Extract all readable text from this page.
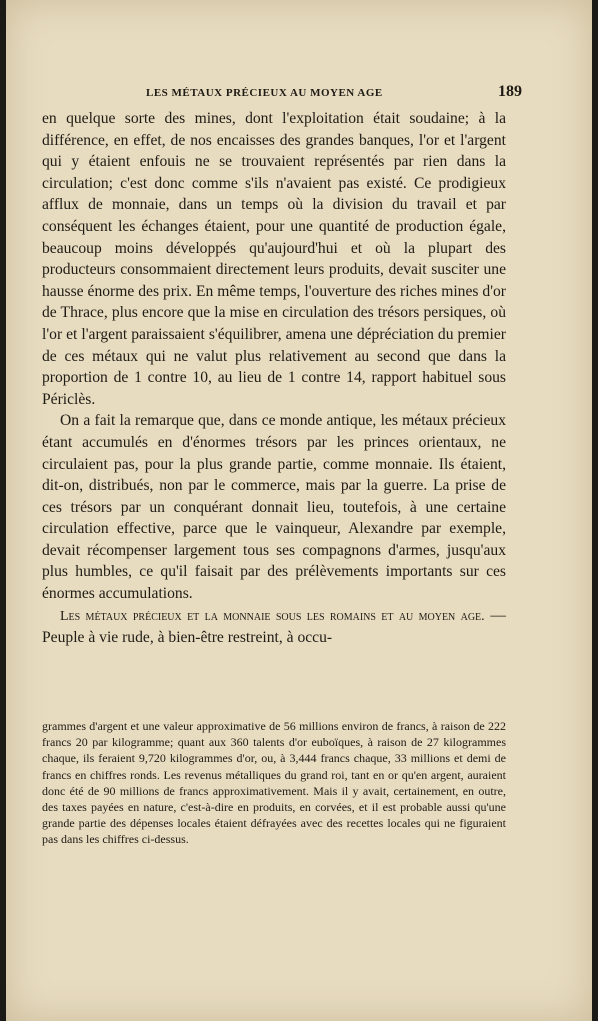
LES MÉTAUX PRÉCIEUX AU MOYEN AGE	189

en quelque sorte des mines, dont l'exploitation était soudaine; à la différence, en effet, de nos encaisses des grandes banques, l'or et l'argent qui y étaient enfouis ne se trouvaient représentés par rien dans la circulation; c'est donc comme s'ils n'avaient pas existé. Ce prodigieux afflux de monnaie, dans un temps où la division du travail et par conséquent les échanges étaient, pour une quantité de production égale, beaucoup moins développés qu'aujourd'hui et où la plupart des producteurs consommaient directement leurs produits, devait susciter une hausse énorme des prix. En même temps, l'ouverture des riches mines d'or de Thrace, plus encore que la mise en circulation des trésors persiques, où l'or et l'argent paraissaient s'équilibrer, amena une dépréciation du premier de ces métaux qui ne valut plus relativement au second que dans la proportion de 1 contre 10, au lieu de 1 contre 14, rapport habituel sous Périclès.

On a fait la remarque que, dans ce monde antique, les métaux précieux étant accumulés en d'énormes trésors par les princes orientaux, ne circulaient pas, pour la plus grande partie, comme monnaie. Ils étaient, dit-on, distribués, non par le commerce, mais par la guerre. La prise de ces trésors par un conquérant donnait lieu, toutefois, à une certaine circulation effective, parce que le vainqueur, Alexandre par exemple, devait récompenser largement tous ses compagnons d'armes, jusqu'aux plus humbles, ce qu'il faisait par des prélèvements importants sur ces énormes accumulations.

Les métaux précieux et la monnaie sous les romains et au moyen age. — Peuple à vie rude, à bien-être restreint, à occu-

grammes d'argent et une valeur approximative de 56 millions environ de francs, à raison de 222 francs 20 par kilogramme; quant aux 360 talents d'or euboïques, à raison de 27 kilogrammes chaque, ils feraient 9,720 kilogrammes d'or, ou, à 3,444 francs chaque, 33 millions et demi de francs en chiffres ronds. Les revenus métalliques du grand roi, tant en or qu'en argent, auraient donc été de 90 millions de francs approximativement. Mais il y avait, certainement, en outre, des taxes payées en nature, c'est-à-dire en produits, en corvées, et il est probable aussi qu'une grande partie des dépenses locales étaient défrayées avec des recettes locales qui ne figuraient pas dans les chiffres ci-dessus.
